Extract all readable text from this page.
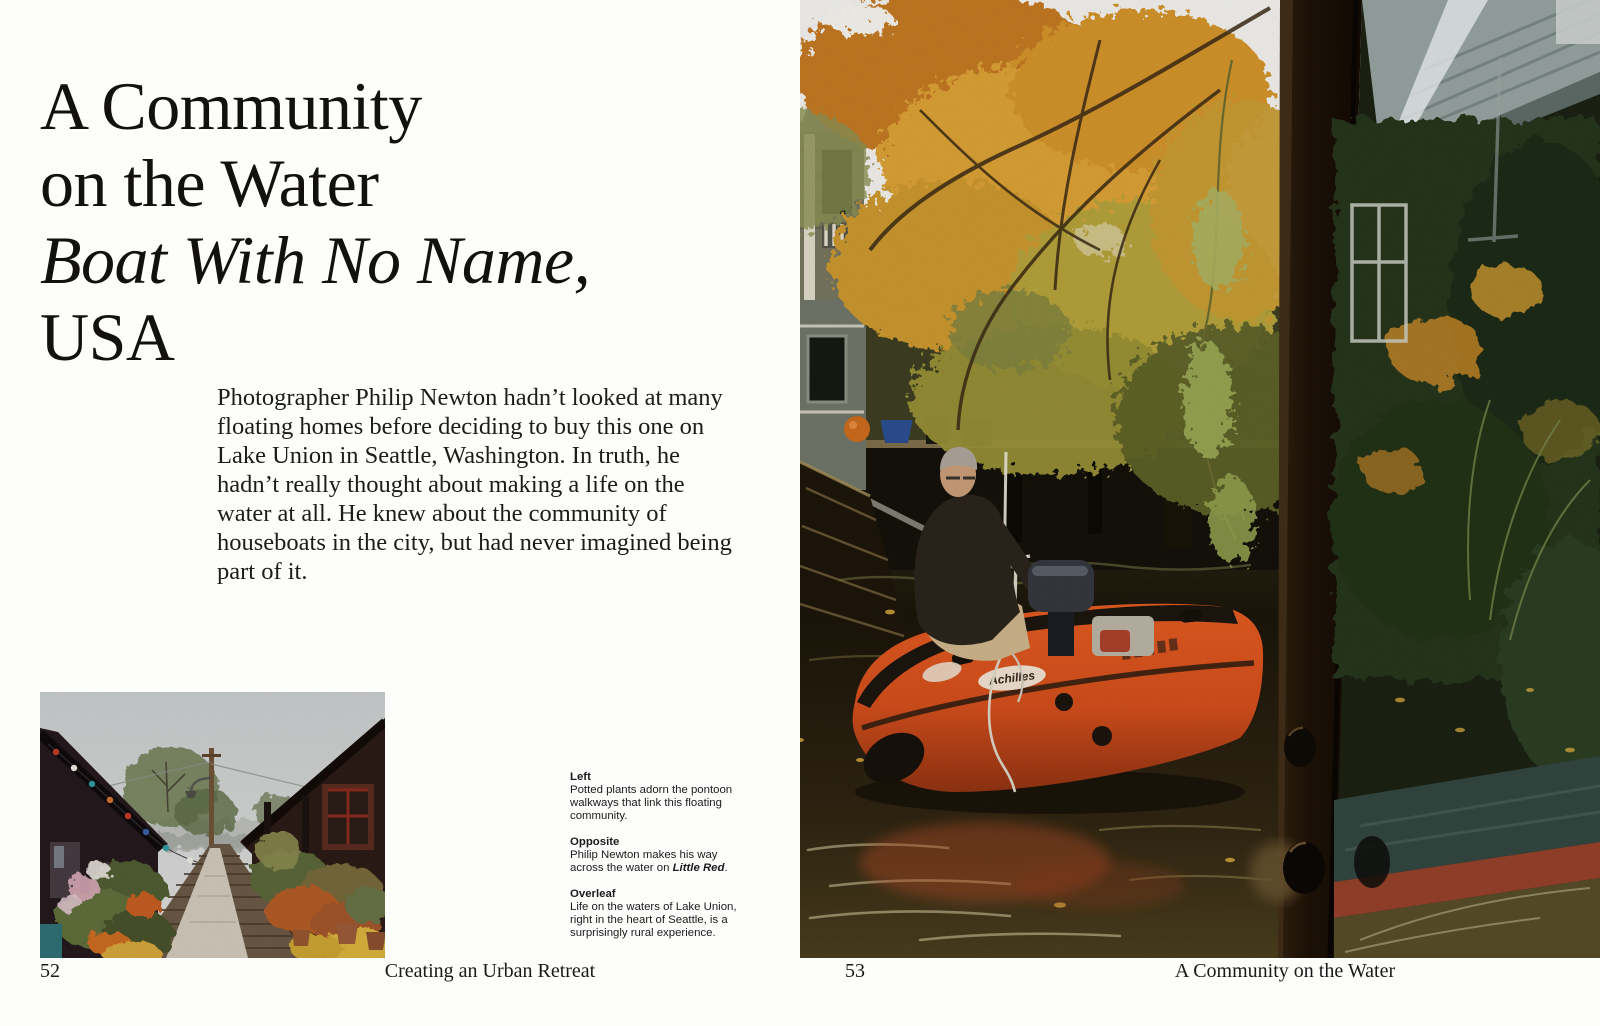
A Community
on the Water
Boat With No Name,
USA

Photographer Philip Newton hadn’t looked at many floating homes before deciding to buy this one on Lake Union in Seattle, Washington. In truth, he hadn’t really thought about making a life on the water at all. He knew about the community of houseboats in the city, but had never imagined being part of it.

Left
Potted plants adorn the pontoon walkways that link this floating community.

Opposite
Philip Newton makes his way across the water on Little Red.

Overleaf
Life on the waters of Lake Union, right in the heart of Seattle, is a surprisingly rural experience.

52	Creating an Urban Retreat
Achilles
53	A Community on the Water
